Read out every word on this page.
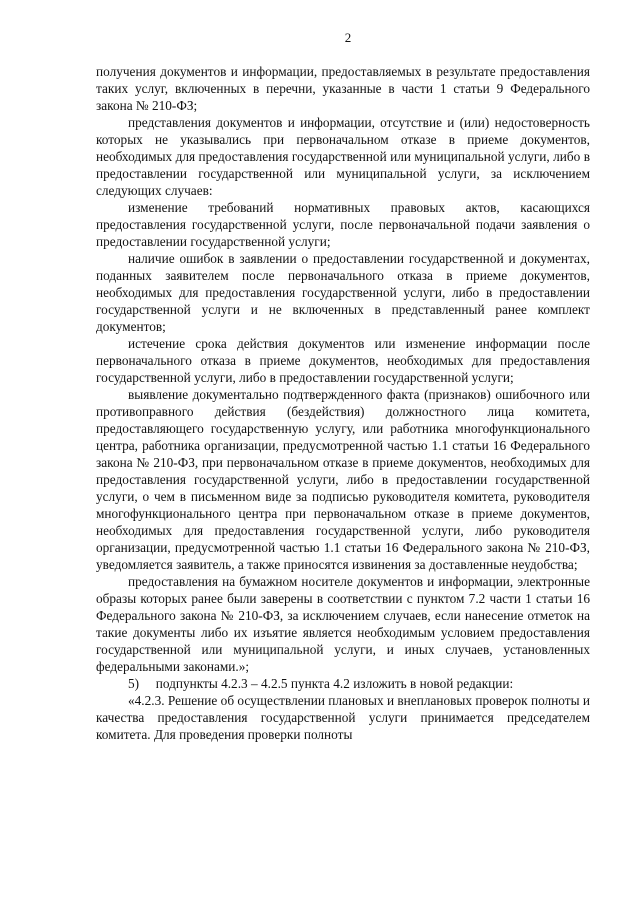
2

получения документов и информации, предоставляемых в результате предоставления таких услуг, включенных в перечни, указанные в части 1 статьи 9 Федерального закона № 210-ФЗ;

представления документов и информации, отсутствие и (или) недостоверность которых не указывались при первоначальном отказе в приеме документов, необходимых для предоставления государственной или муниципальной услуги, либо в предоставлении государственной или муниципальной услуги, за исключением следующих случаев:

изменение требований нормативных правовых актов, касающихся предоставления государственной услуги, после первоначальной подачи заявления о предоставлении государственной услуги;

наличие ошибок в заявлении о предоставлении государственной и документах, поданных заявителем после первоначального отказа в приеме документов, необходимых для предоставления государственной услуги, либо в предоставлении государственной услуги и не включенных в представленный ранее комплект документов;

истечение срока действия документов или изменение информации после первоначального отказа в приеме документов, необходимых для предоставления государственной услуги, либо в предоставлении государственной услуги;

выявление документально подтвержденного факта (признаков) ошибочного или противоправного действия (бездействия) должностного лица комитета, предоставляющего государственную услугу, или работника многофункционального центра, работника организации, предусмотренной частью 1.1 статьи 16 Федерального закона № 210-ФЗ, при первоначальном отказе в приеме документов, необходимых для предоставления государственной услуги, либо в предоставлении государственной услуги, о чем в письменном виде за подписью руководителя комитета, руководителя многофункционального центра при первоначальном отказе в приеме документов, необходимых для предоставления государственной услуги, либо руководителя организации, предусмотренной частью 1.1 статьи 16 Федерального закона № 210-ФЗ, уведомляется заявитель, а также приносятся извинения за доставленные неудобства;

предоставления на бумажном носителе документов и информации, электронные образы которых ранее были заверены в соответствии с пунктом 7.2 части 1 статьи 16 Федерального закона № 210-ФЗ, за исключением случаев, если нанесение отметок на такие документы либо их изъятие является необходимым условием предоставления государственной или муниципальной услуги, и иных случаев, установленных федеральными законами.»;

5)     подпункты 4.2.3 – 4.2.5 пункта 4.2 изложить в новой редакции:

«4.2.3. Решение об осуществлении плановых и внеплановых проверок полноты и качества предоставления государственной услуги принимается председателем комитета. Для проведения проверки полноты
